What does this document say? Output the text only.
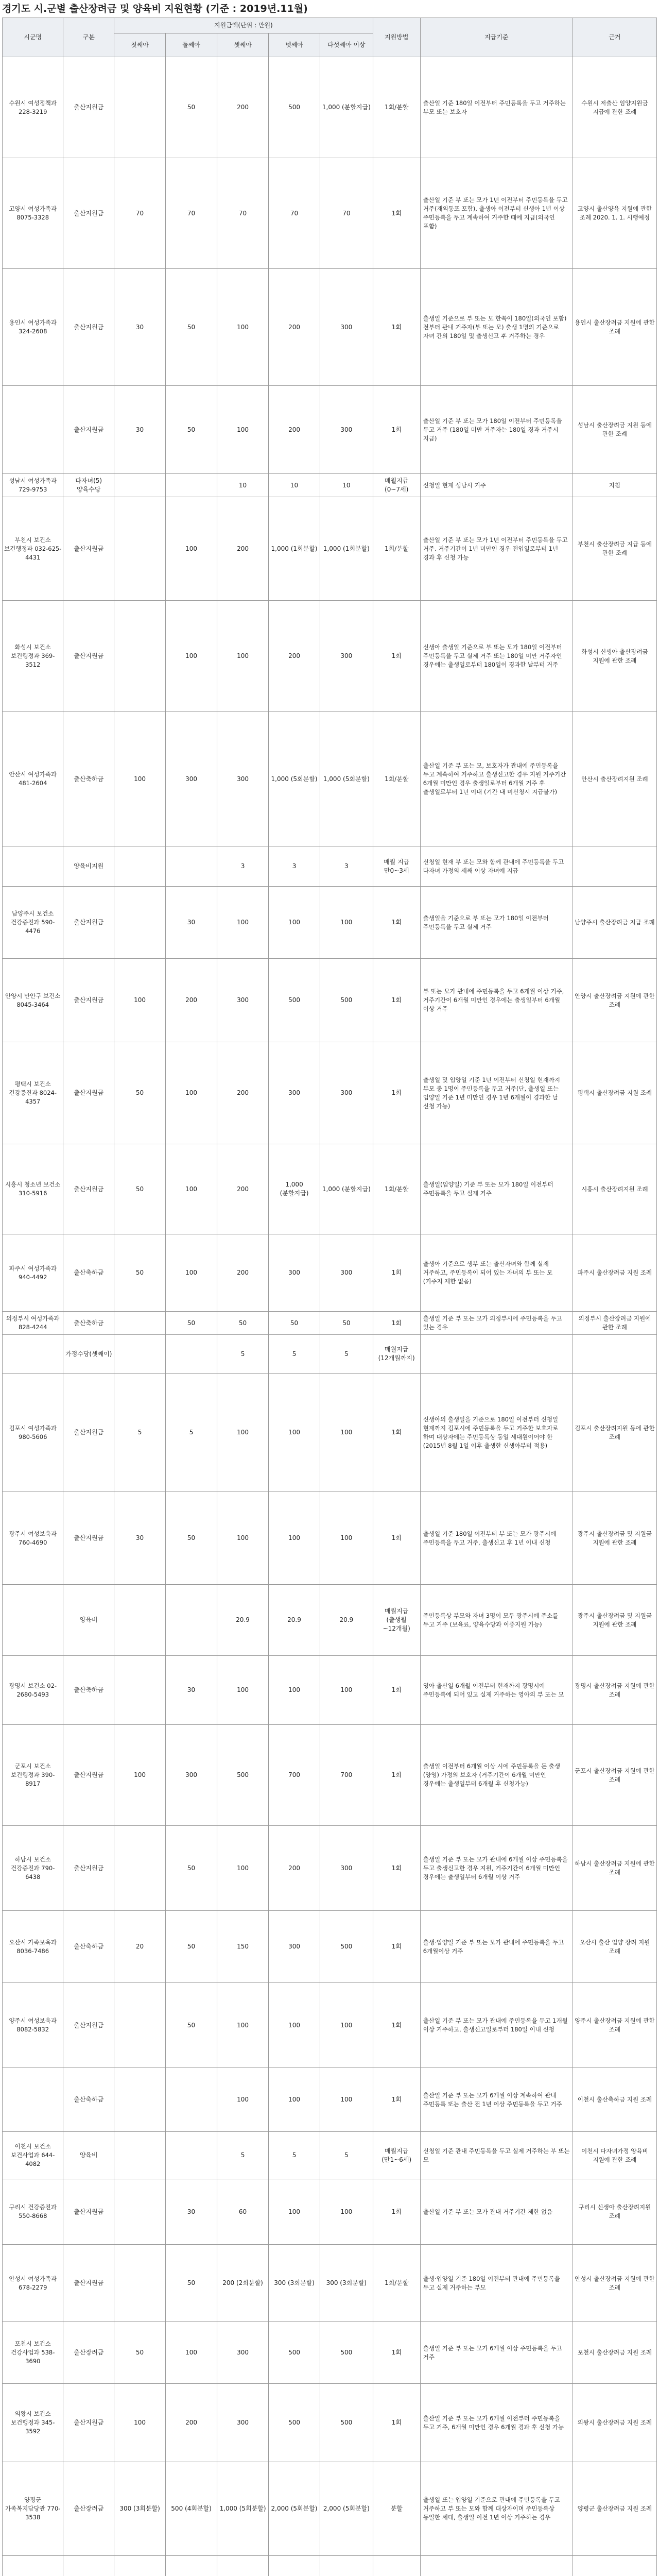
경기도 시.군별 출산장려금 및 양육비 지원현황 (기준 : 2019년.11월)
시군명	구분	지원금액(단위 : 만원)					지원방법	지급기준	근거
		첫째아	둘째아	셋째아	넷째아	다섯째아 이상			
수원시 여성정책과 228-3219	출산지원금		50	200	500	1,000 (분할지급)	1회/분할	출산일 기준 180일 이전부터 주민등록을 두고 거주하는 부모 또는 보호자	수원시 저출산 임양지원금 지급에 관한 조례
고양시 여성가족과 8075-3328	출산지원금	70	70	70	70	70	1회	출산일 기준 부 또는 모가 1년 이전부터 주민등록을 두고 거주(재외동포 포함), 출생아 이전부터 신생아 1년 이상 주민등록을 두고 계속하여 거주한 때에 지급(외국인 포함)	고양시 출산양육 지원에 관한 조례 2020. 1. 1. 시행예정
용인시 여성가족과 324-2608	출산지원금	30	50	100	200	300	1회	출생일 기준으로 부 또는 모 한쪽이 180일(외국인 포함) 전부터 관내 거주자(부 또는 모) 출생 1명의 기준으로 자녀 간의 180일 및 출생신고 후 거주하는 경우	용인시 출산장려금 지원에 관한 조례
	출산지원금	30	50	100	200	300	1회	출산일 기준 부 또는 모가 180일 이전부터 주민등록을 두고 거주 (180일 미만 거주자는 180일 경과 거주시 지급)	성남시 출산장려금 지원 등에 관한 조례
성남시 여성가족과 729-9753	다자녀(5)양육수당			10	10	10	매월지급 (0~7세)	신청일 현재 성남시 거주	지침
부천시 보건소 보건행정과 032-625-4431	출산지원금		100	200	1,000 (1회분할)	1,000 (1회분할)	1회/분할	출산일 기준 부 또는 모가 1년 이전부터 주민등록을 두고 거주. 거주기간이 1년 미만인 경우 전입일로부터 1년 경과 후 신청 가능	부천시 출산장려금 지급 등에 관한 조례
화성시 보건소 보건행정과 369-3512	출산지원금		100	100	200	300	1회	신생아 출생일 기준으로 부 또는 모가 180일 이전부터 주민등록을 두고 실제 거주 또는 180일 미만 거주자인 경우에는 출생일로부터 180일이 경과한 날부터 거주	화성시 신생아 출산장려금 지원에 관한 조례
안산시 여성가족과 481-2604	출산축하금	100	300	300	1,000 (5회분할)	1,000 (5회분할)	1회/분할	출산일 기준 부 또는 모, 보호자가 관내에 주민등록을 두고 계속하여 거주하고 출생신고한 경우 지원 거주기간 6개월 미만인 경우 출생일로부터 6개월 거주 후 출생일로부터 1년 이내 (기간 내 미신청시 지급불가)	안산시 출산장려지원 조례
	양육비지원			3	3	3	매월 지급 만0~3세	신청일 현재 부 또는 모와 함께 관내에 주민등록을 두고 다자녀 가정의 세째 이상 자녀에 지급	
남양주시 보건소 건강증진과 590-4476	출산지원금		30	100	100	100	1회	출생일을 기준으로 부 또는 모가 180일 이전부터 주민등록을 두고 실제 거주	남양주시 출산장려금 지급 조례
안양시 만안구 보건소 8045-3464	출산지원금	100	200	300	500	500	1회	부 또는 모가 관내에 주민등록을 두고 6개월 이상 거주, 거주기간이 6개월 미만인 경우에는 출생일부터 6개월 이상 거주	안양시 출산장려금 지원에 관한 조례
평택시 보건소 건강증진과 8024-4357	출산지원금	50	100	200	300	300	1회	출생일 및 입양일 기준 1년 이전부터 신청일 현재까지 부모 중 1명이 주민등록을 두고 거주(단, 출생일 또는 입양일 기준 1년 미만인 경우 1년 6개월이 경과한 날 신청 가능)	평택시 출산장려금 지원 조례
시흥시 청소년 보건소 310-5916	출산지원금	50	100	200	1,000 (분할지급)	1,000 (분할지급)	1회/분할	출생일(입양일) 기준 부 또는 모가 180일 이전부터 주민등록을 두고 실제 거주	시흥시 출산장려지원 조례
파주시 여성가족과 940-4492	출산축하금	50	100	200	300	300	1회	출생아 기준으로 생부 또는 출산자녀와 함께 실제 거주하고, 주민등록이 되어 있는 자녀의 부 또는 모(거주지 제한 없음)	파주시 출산장려금 지원 조례
의정부시 여성가족과 828-4244	출산축하금		50	50	50	50	1회	출생일 기준 부 또는 모가 의정부시에 주민등록을 두고 있는 경우	의정부시 출산장려금 지원에 관한 조례
	가정수당(셋째이)			5	5	5	매월지급 (12개월까지)		
김포시 여성가족과 980-5606	출산지원금	5	5	100	100	100	1회	신생아의 출생일을 기준으로 180일 이전부터 신청일 현재까지 김포시에 주민등록을 두고 거주한 보호자로 하며 대상자에는 주민등록상 동일 세대원이어야 한(2015년 8월 1일 이후 출생한 신생아부터 적용)	김포시 출산장려지원 등에 관한 조례
광주시 여성보육과 760-4690	출산지원금	30	50	100	100	100	1회	출생일 기준 180일 이전부터 부 또는 모가 광주시에 주민등록을 두고 거주, 출생신고 후 1년 이내 신청	광주시 출산장려금 및 지원금 지원에 관한 조례
	양육비			20.9	20.9	20.9	매월지급 (출생월~12개월)	주민등록상 부모와 자녀 3명이 모두 광주시에 주소를 두고 거주 (보육료, 양육수당과 이중지원 가능)	광주시 출산장려금 및 지원금 지원에 관한 조례
광명시 보건소 02-2680-5493	출산축하금		30	100	100	100	1회	영아 출산일 6개월 이전부터 현재까지 광명시에 주민등록에 되어 있고 실제 거주하는 영아의 부 또는 모	광명시 출산장려금 지원에 관한 조례
군포시 보건소 보건행정과 390-8917	출산지원금	100	300	500	700	700	1회	출생일 이전부터 6개월 이상 시에 주민등록을 둔 출생 (양영) 가정의 보호자 (거주기간이 6개월 미만인 경우에는 출생일부터 6개월 후 신청가능)	군포시 출산장려금 지원에 관한 조례
하남시 보건소 건강증진과 790-6438	출산지원금		50	100	200	300	1회	출생일 기준 부 또는 모가 관내에 6개월 이상 주민등록을 두고 출생신고한 경우 지원, 거주기간이 6개월 미만인 경우에는 출생일부터 6개월 이상 거주	하남시 출산장려금 지원에 관한 조례
오산시 가족보육과 8036-7486	출산축하금	20	50	150	300	500	1회	출생·입양일 기준 부 또는 모가 관내에 주민등록을 두고 6개월이상 거주	오산시 출산 입양 장려 지원 조례
양주시 여성보육과 8082-5832	출산지원금		50	100	100	100	1회	출산일 기준 부 또는 모가 관내에 주민등록을 두고 1개월 이상 거주하고, 출생신고일로부터 180일 이내 신청	양주시 출산장려금 지원에 관한 조례
	출산축하금			100	100	100	1회	출산일 기준 부 또는 모가 6개월 이상 계속하여 관내 주민등록 또는 출산 전 1년 이상 주민등록을 두고 거주	이천시 출산축하금 지원 조례
이천시 보건소 보건사업과 644-4082	양육비			5	5	5	매월지급 (만1~6세)	신청일 기준 관내 주민등록을 두고 실제 거주하는 부 또는 모	이천시 다자녀가정 양육비 지원에 관한 조례
구리시 건강증진과 550-8668	출산지원금		30	60	100	100	1회	출산일 기준 부 또는 모가 관내 거주기간 제한 없음	구리시 신생아 출산장려지원 조례
안성시 여성가족과 678-2279	출산지원금		50	200 (2회분할)	300 (3회분할)	300 (3회분할)	1회/분할	출생·입양일 기준 180일 이전부터 관내에 주민등록을 두고 실제 거주하는 부모	안성시 출산장려금 지원에 관한 조례
포천시 보건소 건강사업과 538-3690	출산장려금	50	100	300	500	500	1회	출생일 기준 부 또는 모가 6개월 이상 주민등록을 두고 거주	포천시 출산장려금 지원 조례
의왕시 보건소 보건행정과 345-3592	출산지원금	100	200	300	500	500	1회	출산일 기준 부 또는 모가 6개월 이전부터 주민등록을 두고 거주, 6개월 미만인 경우 6개월 경과 후 신청 가능	의왕시 출산장려금 지원 조례
양평군 가족복지담당관 770-3538	출산장려금	300 (3회분할)	500 (4회분할)	1,000 (5회분할)	2,000 (5회분할)	2,000 (5회분할)	분할	출생일 또는 입양일 기준으로 관내에 주민등록을 두고 거주하고 부 또는 모와 함께 대상자이며 주민등록상 동일한 세대, 출생일 이전 1년 이상 거주하는 경우	양평군 출산장려금 지원 조례
